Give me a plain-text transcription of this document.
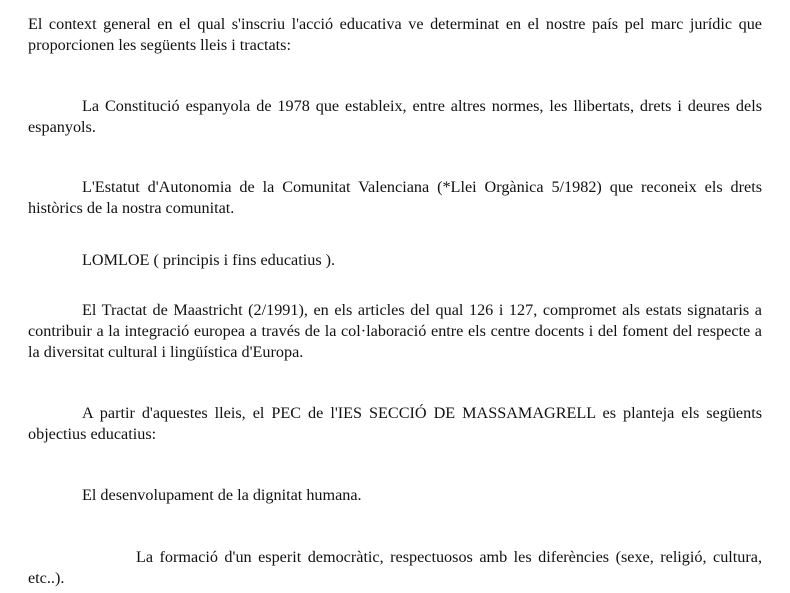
El context general en el qual s'inscriu l'acció educativa ve determinat en el nostre país pel marc jurídic que proporcionen les següents lleis i tractats:

La Constitució espanyola de 1978 que estableix, entre altres normes, les llibertats, drets i deures dels espanyols.

L'Estatut d'Autonomia de la Comunitat Valenciana (*Llei Orgànica 5/1982) que reconeix els drets històrics de la nostra comunitat.

LOMLOE ( principis i fins educatius ).

El Tractat de Maastricht (2/1991), en els articles del qual 126 i 127, compromet als estats signataris a contribuir a la integració europea a través de la col·laboració entre els centre docents i del foment del respecte a la diversitat cultural i lingüística d'Europa.

A partir d'aquestes lleis, el PEC de l'IES SECCIÓ DE MASSAMAGRELL es planteja els següents objectius educatius:

El desenvolupament de la dignitat humana.

La formació d'un esperit democràtic, respectuosos amb les diferències (sexe, religió, cultura, etc..).
